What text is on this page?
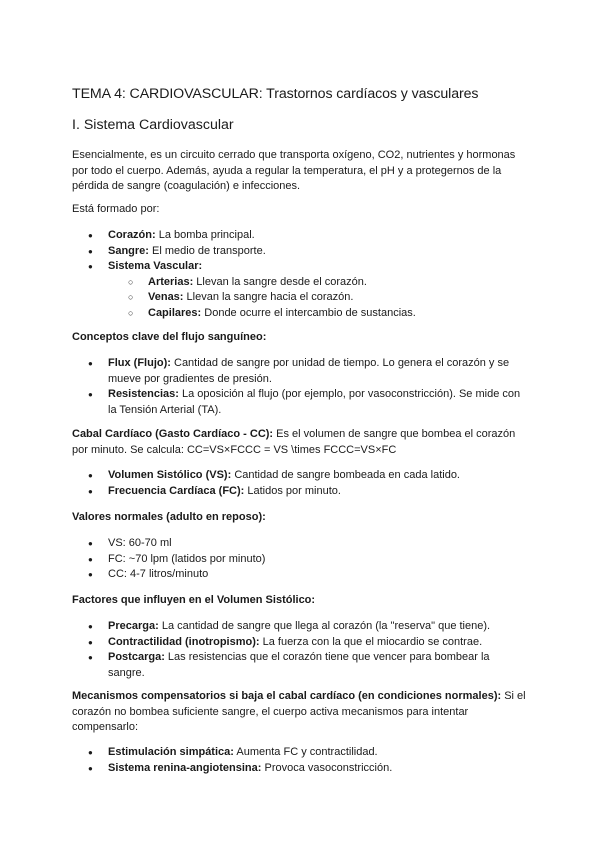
TEMA 4: CARDIOVASCULAR: Trastornos cardíacos y vasculares
I. Sistema Cardiovascular

Esencialmente, es un circuito cerrado que transporta oxígeno, CO2, nutrientes y hormonas por todo el cuerpo. Además, ayuda a regular la temperatura, el pH y a protegernos de la pérdida de sangre (coagulación) e infecciones.

Está formado por:

●	Corazón: La bomba principal.
●	Sangre: El medio de transporte.
●	Sistema Vascular:
○	Arterias: Llevan la sangre desde el corazón.
○	Venas: Llevan la sangre hacia el corazón.
○	Capilares: Donde ocurre el intercambio de sustancias.

Conceptos clave del flujo sanguíneo:

●	Flux (Flujo): Cantidad de sangre por unidad de tiempo. Lo genera el corazón y se mueve por gradientes de presión.
●	Resistencias: La oposición al flujo (por ejemplo, por vasoconstricción). Se mide con la Tensión Arterial (TA).

Cabal Cardíaco (Gasto Cardíaco - CC): Es el volumen de sangre que bombea el corazón por minuto. Se calcula: CC=VS×FCCC = VS \times FCCC=VS×FC

●	Volumen Sistólico (VS): Cantidad de sangre bombeada en cada latido.
●	Frecuencia Cardíaca (FC): Latidos por minuto.

Valores normales (adulto en reposo):

●	VS: 60-70 ml
●	FC: ~70 lpm (latidos por minuto)
●	CC: 4-7 litros/minuto

Factores que influyen en el Volumen Sistólico:

●	Precarga: La cantidad de sangre que llega al corazón (la "reserva" que tiene).
●	Contractilidad (inotropismo): La fuerza con la que el miocardio se contrae.
●	Postcarga: Las resistencias que el corazón tiene que vencer para bombear la sangre.

Mecanismos compensatorios si baja el cabal cardíaco (en condiciones normales): Si el corazón no bombea suficiente sangre, el cuerpo activa mecanismos para intentar compensarlo:

●	Estimulación simpática: Aumenta FC y contractilidad.
●	Sistema renina-angiotensina: Provoca vasoconstricción.
